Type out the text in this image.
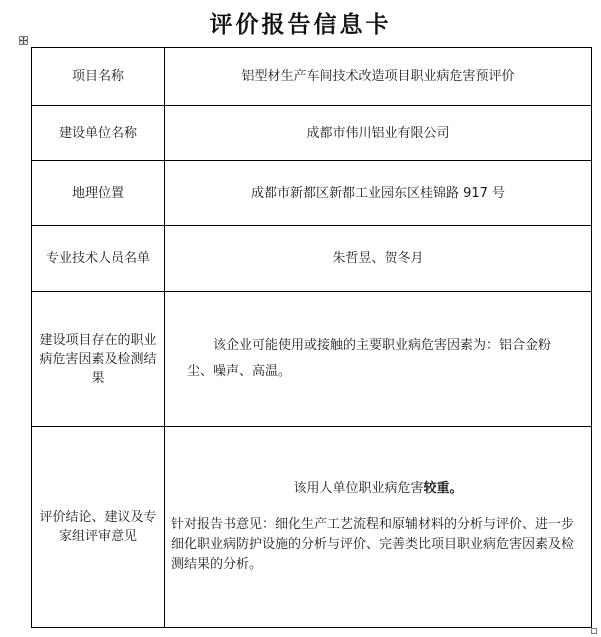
评价报告信息卡
项目名称	铝型材生产车间技术改造项目职业病危害预评价
建设单位名称	成都市伟川铝业有限公司
地理位置	成都市新都区新都工业园东区桂锦路 917 号
专业技术人员名单	朱哲昱、贺冬月
建设项目存在的职业病危害因素及检测结果	该企业可能使用或接触的主要职业病危害因素为：铝合金粉尘、噪声、高温。

评价结论、建议及专家组评审意见	该用人单位职业病危害较重。
针对报告书意见：细化生产工艺流程和原辅材料的分析与评价、进一步细化职业病防护设施的分析与评价、完善类比项目职业病危害因素及检测结果的分析。
